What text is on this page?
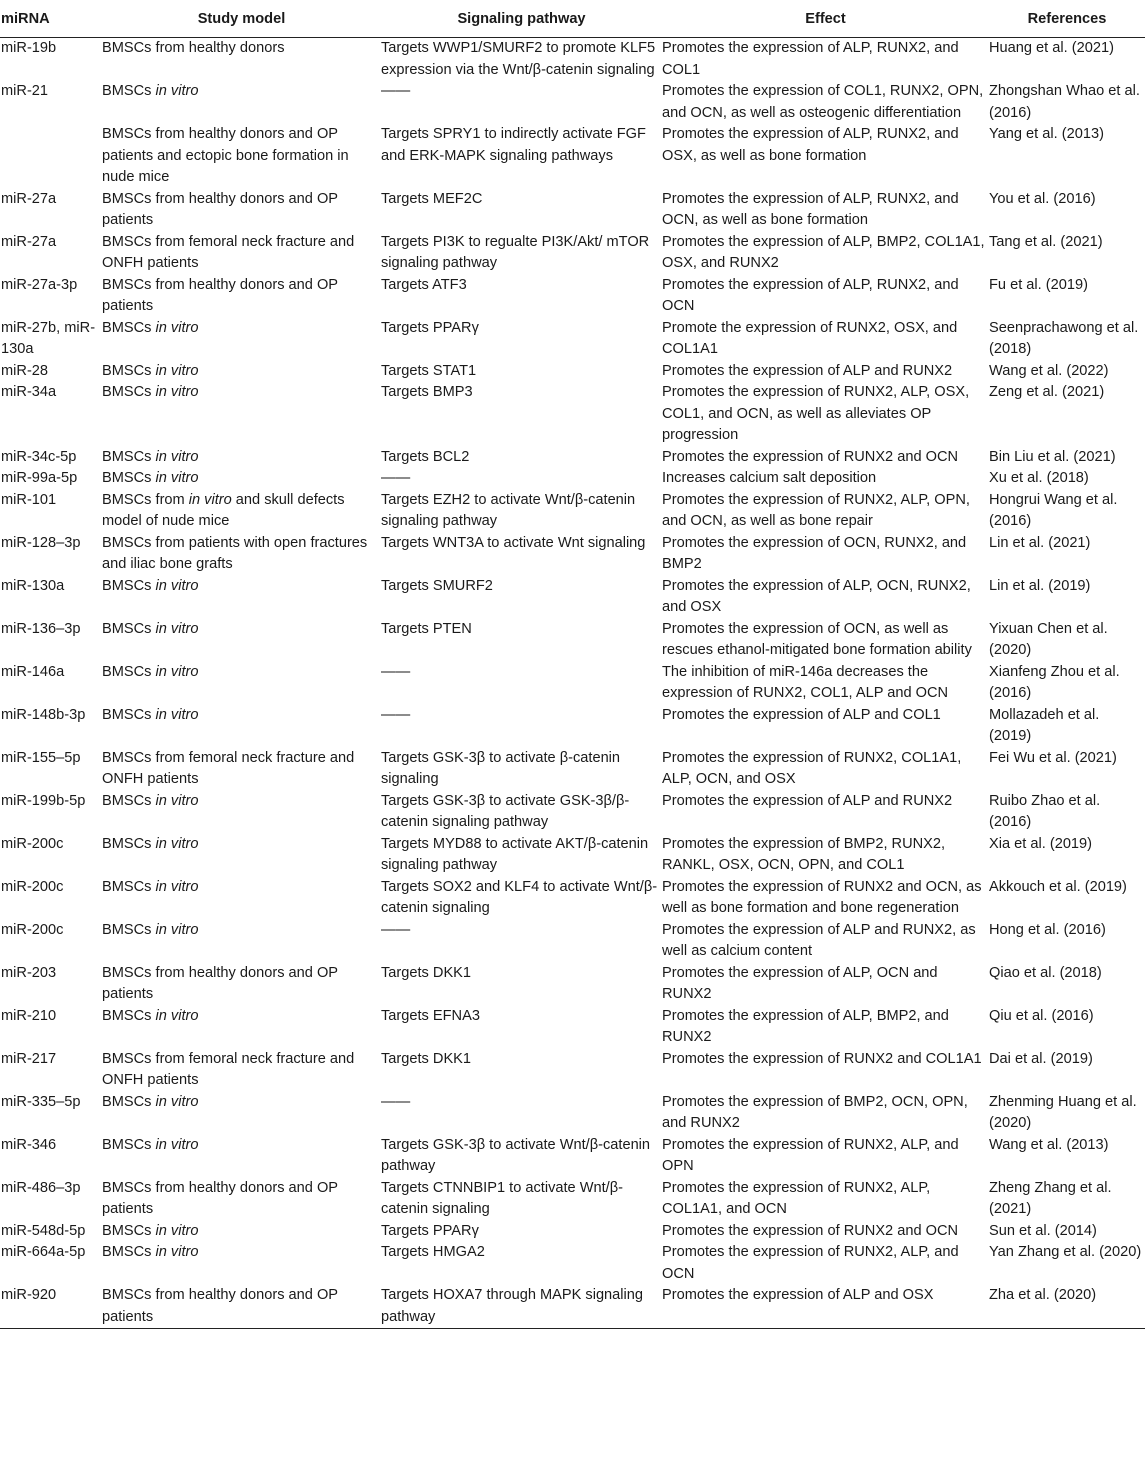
miRNA	Study model	Signaling pathway	Effect	References
miR-19b	BMSCs from healthy donors	Targets WWP1/SMURF2 to promote KLF5 expression via the Wnt/β-catenin signaling	Promotes the expression of ALP, RUNX2, and COL1	Huang et al. (2021)
miR-21	BMSCs in vitro	——	Promotes the expression of COL1, RUNX2, OPN, and OCN, as well as osteogenic differentiation	Zhongshan Whao et al. (2016)
	BMSCs from healthy donors and OP patients and ectopic bone formation in nude mice	Targets SPRY1 to indirectly activate FGF and ERK-MAPK signaling pathways	Promotes the expression of ALP, RUNX2, and OSX, as well as bone formation	Yang et al. (2013)
miR-27a	BMSCs from healthy donors and OP patients	Targets MEF2C	Promotes the expression of ALP, RUNX2, and OCN, as well as bone formation	You et al. (2016)
miR-27a	BMSCs from femoral neck fracture and ONFH patients	Targets PI3K to regualte PI3K/Akt/ mTOR signaling pathway	Promotes the expression of ALP, BMP2, COL1A1, OSX, and RUNX2	Tang et al. (2021)
miR-27a-3p	BMSCs from healthy donors and OP patients	Targets ATF3	Promotes the expression of ALP, RUNX2, and OCN	Fu et al. (2019)
miR-27b, miR-130a	BMSCs in vitro	Targets PPARγ	Promote the expression of RUNX2, OSX, and COL1A1	Seenprachawong et al. (2018)
miR-28	BMSCs in vitro	Targets STAT1	Promotes the expression of ALP and RUNX2	Wang et al. (2022)
miR-34a	BMSCs in vitro	Targets BMP3	Promotes the expression of RUNX2, ALP, OSX, COL1, and OCN, as well as alleviates OP progression	Zeng et al. (2021)
miR-34c-5p	BMSCs in vitro	Targets BCL2	Promotes the expression of RUNX2 and OCN	Bin Liu et al. (2021)
miR-99a-5p	BMSCs in vitro	——	Increases calcium salt deposition	Xu et al. (2018)
miR-101	BMSCs from in vitro and skull defects model of nude mice	Targets EZH2 to activate Wnt/β-catenin signaling pathway	Promotes the expression of RUNX2, ALP, OPN, and OCN, as well as bone repair	Hongrui Wang et al. (2016)
miR-128–3p	BMSCs from patients with open fractures and iliac bone grafts	Targets WNT3A to activate Wnt signaling	Promotes the expression of OCN, RUNX2, and BMP2	Lin et al. (2021)
miR-130a	BMSCs in vitro	Targets SMURF2	Promotes the expression of ALP, OCN, RUNX2, and OSX	Lin et al. (2019)
miR-136–3p	BMSCs in vitro	Targets PTEN	Promotes the expression of OCN, as well as rescues ethanol-mitigated bone formation ability	Yixuan Chen et al. (2020)
miR-146a	BMSCs in vitro	——	The inhibition of miR-146a decreases the expression of RUNX2, COL1, ALP and OCN	Xianfeng Zhou et al. (2016)
miR-148b-3p	BMSCs in vitro	——	Promotes the expression of ALP and COL1	Mollazadeh et al. (2019)
miR-155–5p	BMSCs from femoral neck fracture and ONFH patients	Targets GSK-3β to activate β-catenin signaling	Promotes the expression of RUNX2, COL1A1, ALP, OCN, and OSX	Fei Wu et al. (2021)
miR-199b-5p	BMSCs in vitro	Targets GSK-3β to activate GSK-3β/β-catenin signaling pathway	Promotes the expression of ALP and RUNX2	Ruibo Zhao et al. (2016)
miR-200c	BMSCs in vitro	Targets MYD88 to activate AKT/β-catenin signaling pathway	Promotes the expression of BMP2, RUNX2, RANKL, OSX, OCN, OPN, and COL1	Xia et al. (2019)
miR-200c	BMSCs in vitro	Targets SOX2 and KLF4 to activate Wnt/β-catenin signaling	Promotes the expression of RUNX2 and OCN, as well as bone formation and bone regeneration	Akkouch et al. (2019)
miR-200c	BMSCs in vitro	——	Promotes the expression of ALP and RUNX2, as well as calcium content	Hong et al. (2016)
miR-203	BMSCs from healthy donors and OP patients	Targets DKK1	Promotes the expression of ALP, OCN and RUNX2	Qiao et al. (2018)
miR-210	BMSCs in vitro	Targets EFNA3	Promotes the expression of ALP, BMP2, and RUNX2	Qiu et al. (2016)
miR-217	BMSCs from femoral neck fracture and ONFH patients	Targets DKK1	Promotes the expression of RUNX2 and COL1A1	Dai et al. (2019)
miR-335–5p	BMSCs in vitro	——	Promotes the expression of BMP2, OCN, OPN, and RUNX2	Zhenming Huang et al. (2020)
miR-346	BMSCs in vitro	Targets GSK-3β to activate Wnt/β-catenin pathway	Promotes the expression of RUNX2, ALP, and OPN	Wang et al. (2013)
miR-486–3p	BMSCs from healthy donors and OP patients	Targets CTNNBIP1 to activate Wnt/β-catenin signaling	Promotes the expression of RUNX2, ALP, COL1A1, and OCN	Zheng Zhang et al. (2021)
miR-548d-5p	BMSCs in vitro	Targets PPARγ	Promotes the expression of RUNX2 and OCN	Sun et al. (2014)
miR-664a-5p	BMSCs in vitro	Targets HMGA2	Promotes the expression of RUNX2, ALP, and OCN	Yan Zhang et al. (2020)
miR-920	BMSCs from healthy donors and OP patients	Targets HOXA7 through MAPK signaling pathway	Promotes the expression of ALP and OSX	Zha et al. (2020)
